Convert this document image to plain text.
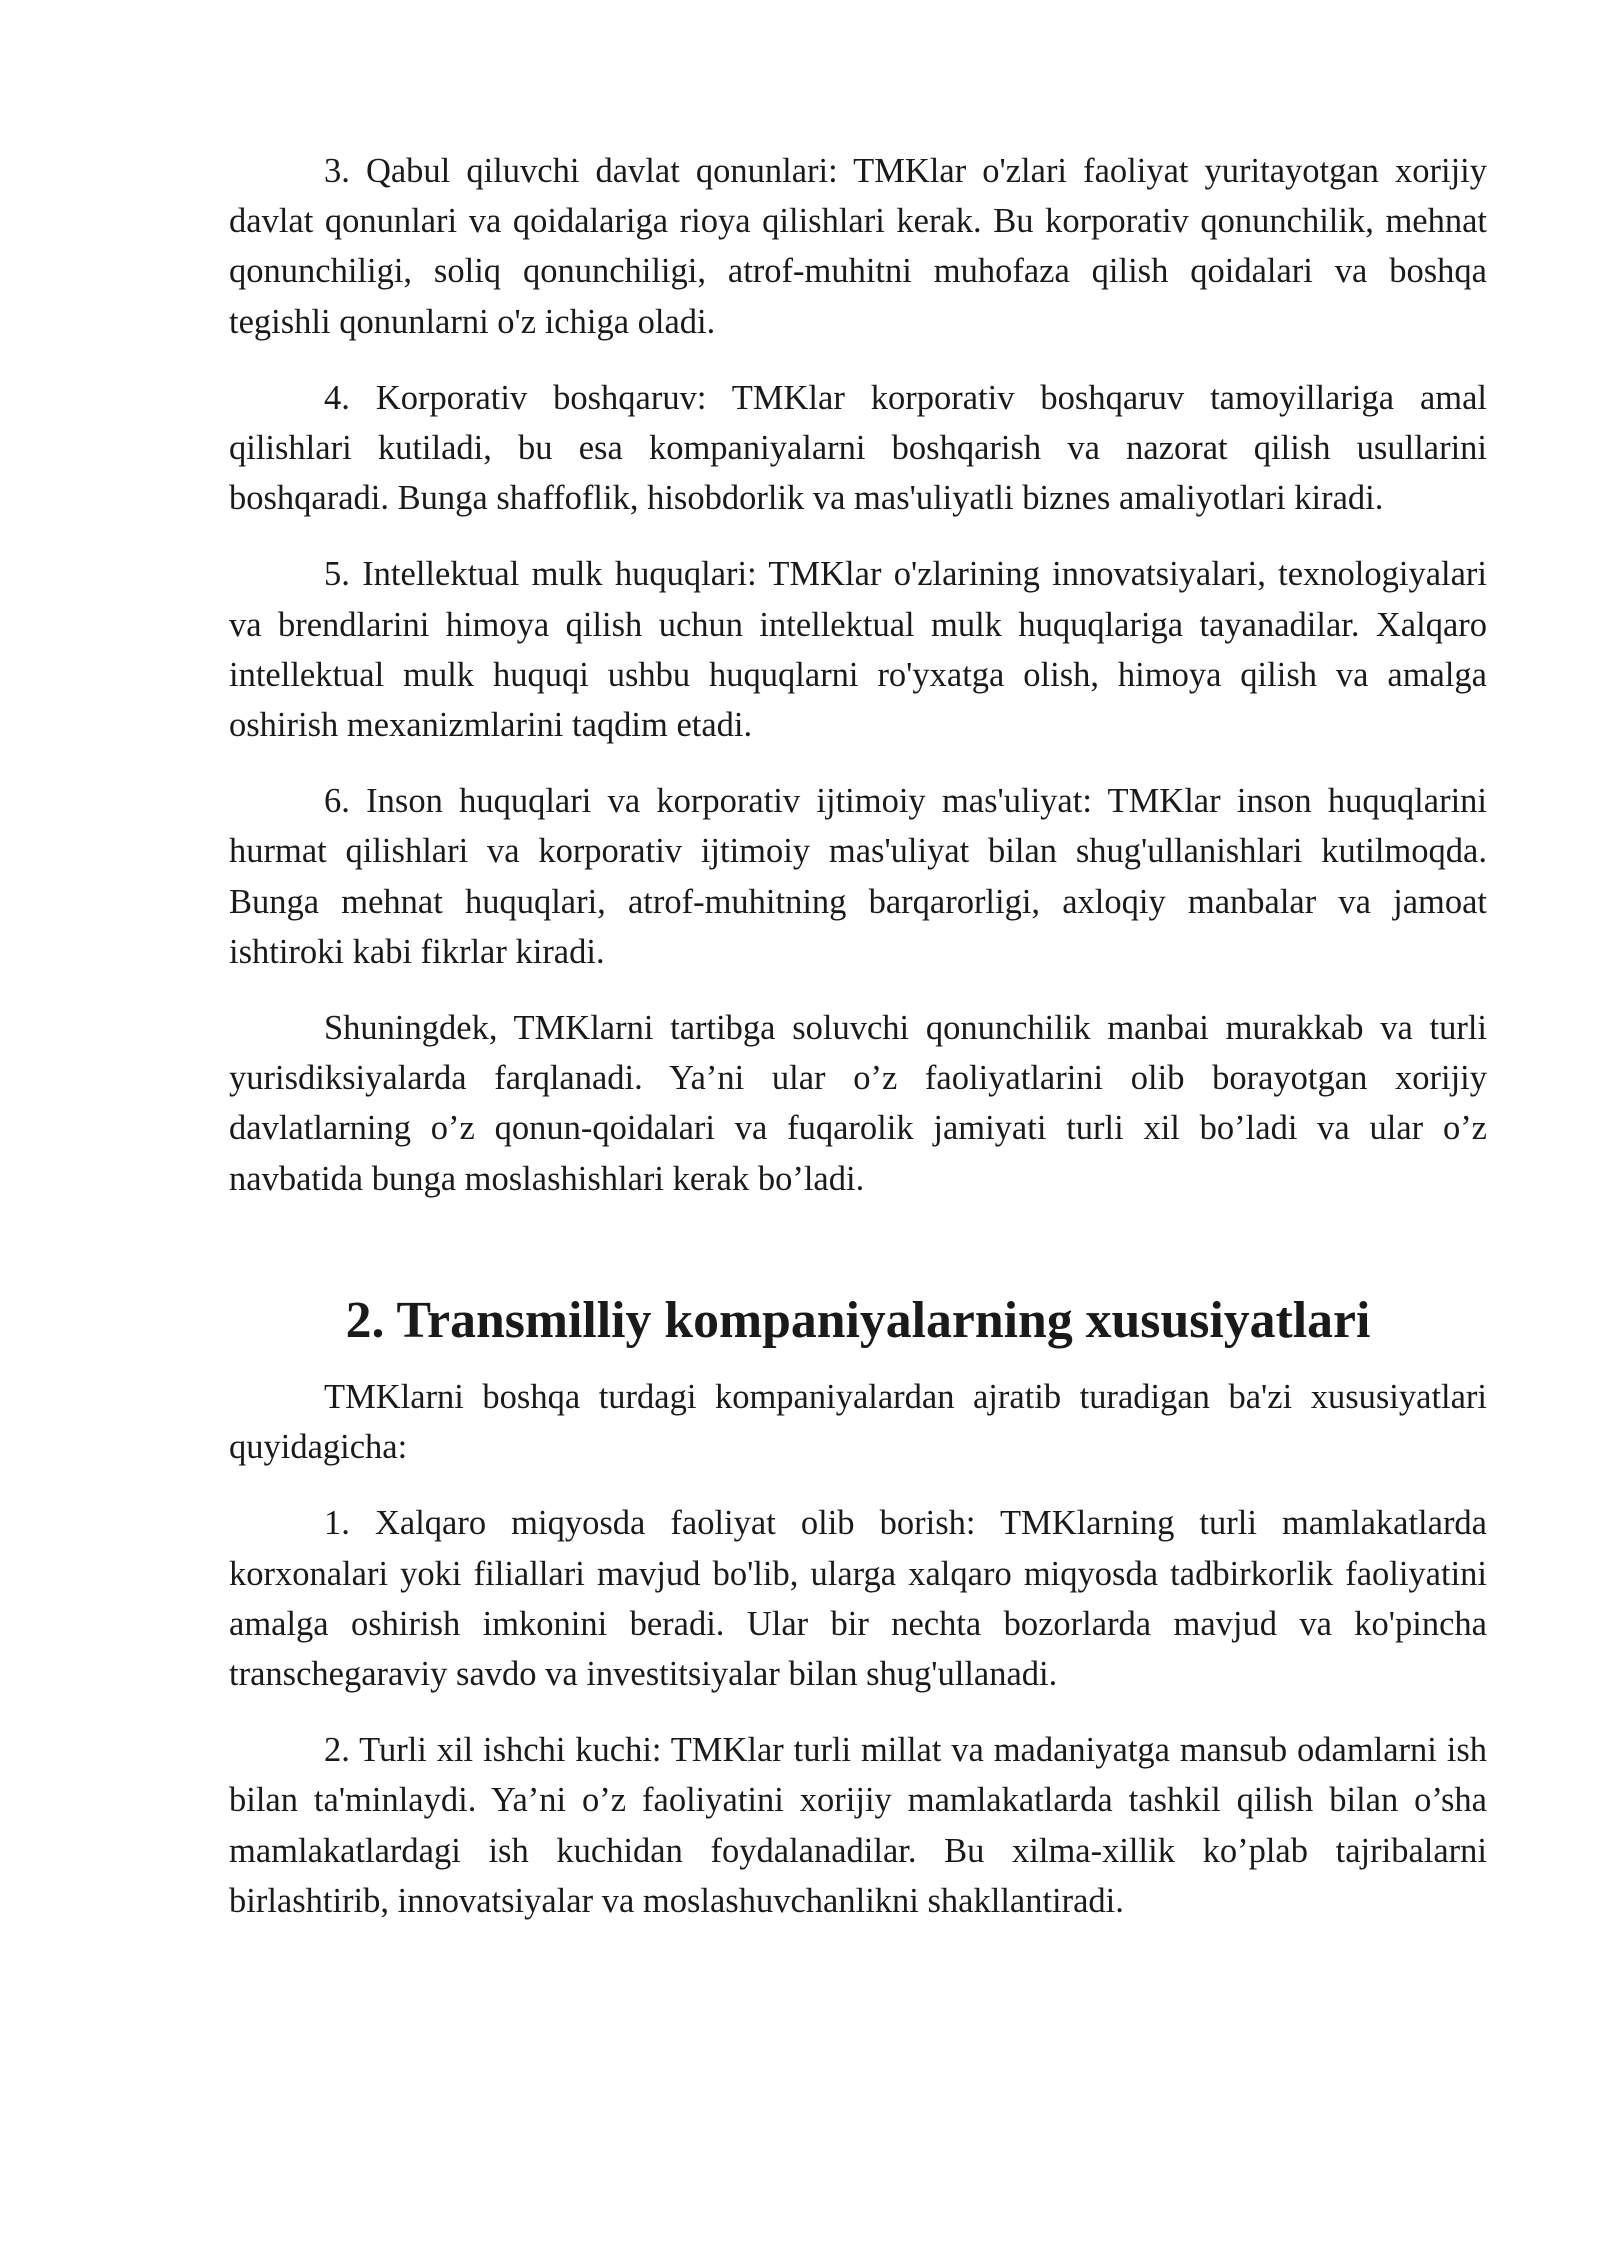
3. Qabul qiluvchi davlat qonunlari: TMKlar o'zlari faoliyat yuritayotgan xorijiy davlat qonunlari va qoidalariga rioya qilishlari kerak. Bu korporativ qonunchilik, mehnat qonunchiligi, soliq qonunchiligi, atrof-muhitni muhofaza qilish qoidalari va boshqa tegishli qonunlarni o'z ichiga oladi.

4. Korporativ boshqaruv: TMKlar korporativ boshqaruv tamoyillariga amal qilishlari kutiladi, bu esa kompaniyalarni boshqarish va nazorat qilish usullarini boshqaradi. Bunga shaffoflik, hisobdorlik va mas'uliyatli biznes amaliyotlari kiradi.

5. Intellektual mulk huquqlari: TMKlar o'zlarining innovatsiyalari, texnologiyalari va brendlarini himoya qilish uchun intellektual mulk huquqlariga tayanadilar. Xalqaro intellektual mulk huquqi ushbu huquqlarni ro'yxatga olish, himoya qilish va amalga oshirish mexanizmlarini taqdim etadi.

6. Inson huquqlari va korporativ ijtimoiy mas'uliyat: TMKlar inson huquqlarini hurmat qilishlari va korporativ ijtimoiy mas'uliyat bilan shug'ullanishlari kutilmoqda. Bunga mehnat huquqlari, atrof-muhitning barqarorligi, axloqiy manbalar va jamoat ishtiroki kabi fikrlar kiradi.

Shuningdek, TMKlarni tartibga soluvchi qonunchilik manbai murakkab va turli yurisdiksiyalarda farqlanadi. Ya’ni ular o’z faoliyatlarini olib borayotgan xorijiy davlatlarning o’z qonun-qoidalari va fuqarolik jamiyati turli xil bo’ladi va ular o’z navbatida bunga moslashishlari kerak bo’ladi.

2. Transmilliy kompaniyalarning xususiyatlari

TMKlarni boshqa turdagi kompaniyalardan ajratib turadigan ba'zi xususiyatlari quyidagicha:

1. Xalqaro miqyosda faoliyat olib borish: TMKlarning turli mamlakatlarda korxonalari yoki filiallari mavjud bo'lib, ularga xalqaro miqyosda tadbirkorlik faoliyatini amalga oshirish imkonini beradi. Ular bir nechta bozorlarda mavjud va ko'pincha transchegaraviy savdo va investitsiyalar bilan shug'ullanadi.

2. Turli xil ishchi kuchi: TMKlar turli millat va madaniyatga mansub odamlarni ish bilan ta'minlaydi. Ya’ni o’z faoliyatini xorijiy mamlakatlarda tashkil qilish bilan o’sha mamlakatlardagi ish kuchidan foydalanadilar. Bu xilma-xillik ko’plab tajribalarni birlashtirib, innovatsiyalar va moslashuvchanlikni shakllantiradi.
